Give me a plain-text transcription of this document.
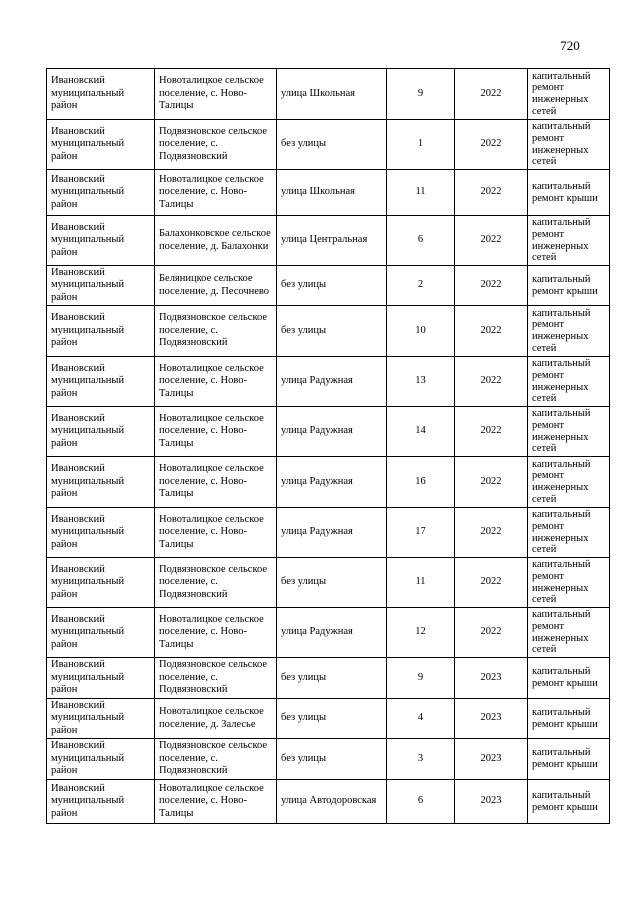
720
Ивановский муниципальный район	Новоталицкое сельское поселение, с. Ново-Талицы	улица Школьная	9	2022	капитальный ремонт инженерных сетей
Ивановский муниципальный район	Подвязновское сельское поселение, с. Подвязновский	без улицы	1	2022	капитальный ремонт инженерных сетей
Ивановский муниципальный район	Новоталицкое сельское поселение, с. Ново-Талицы	улица Школьная	11	2022	капитальный ремонт крыши
Ивановский муниципальный район	Балахонковское сельское поселение, д. Балахонки	улица Центральная	6	2022	капитальный ремонт инженерных сетей
Ивановский муниципальный район	Беляницкое сельское поселение, д. Песочнево	без улицы	2	2022	капитальный ремонт крыши
Ивановский муниципальный район	Подвязновское сельское поселение, с. Подвязновский	без улицы	10	2022	капитальный ремонт инженерных сетей
Ивановский муниципальный район	Новоталицкое сельское поселение, с. Ново-Талицы	улица Радужная	13	2022	капитальный ремонт инженерных сетей
Ивановский муниципальный район	Новоталицкое сельское поселение, с. Ново-Талицы	улица Радужная	14	2022	капитальный ремонт инженерных сетей
Ивановский муниципальный район	Новоталицкое сельское поселение, с. Ново-Талицы	улица Радужная	16	2022	капитальный ремонт инженерных сетей
Ивановский муниципальный район	Новоталицкое сельское поселение, с. Ново-Талицы	улица Радужная	17	2022	капитальный ремонт инженерных сетей
Ивановский муниципальный район	Подвязновское сельское поселение, с. Подвязновский	без улицы	11	2022	капитальный ремонт инженерных сетей
Ивановский муниципальный район	Новоталицкое сельское поселение, с. Ново-Талицы	улица Радужная	12	2022	капитальный ремонт инженерных сетей
Ивановский муниципальный район	Подвязновское сельское поселение, с. Подвязновский	без улицы	9	2023	капитальный ремонт крыши
Ивановский муниципальный район	Новоталицкое сельское поселение, д. Залесье	без улицы	4	2023	капитальный ремонт крыши
Ивановский муниципальный район	Подвязновское сельское поселение, с. Подвязновский	без улицы	3	2023	капитальный ремонт крыши
Ивановский муниципальный район	Новоталицкое сельское поселение, с. Ново-Талицы	улица Автодоровская	6	2023	капитальный ремонт крыши
